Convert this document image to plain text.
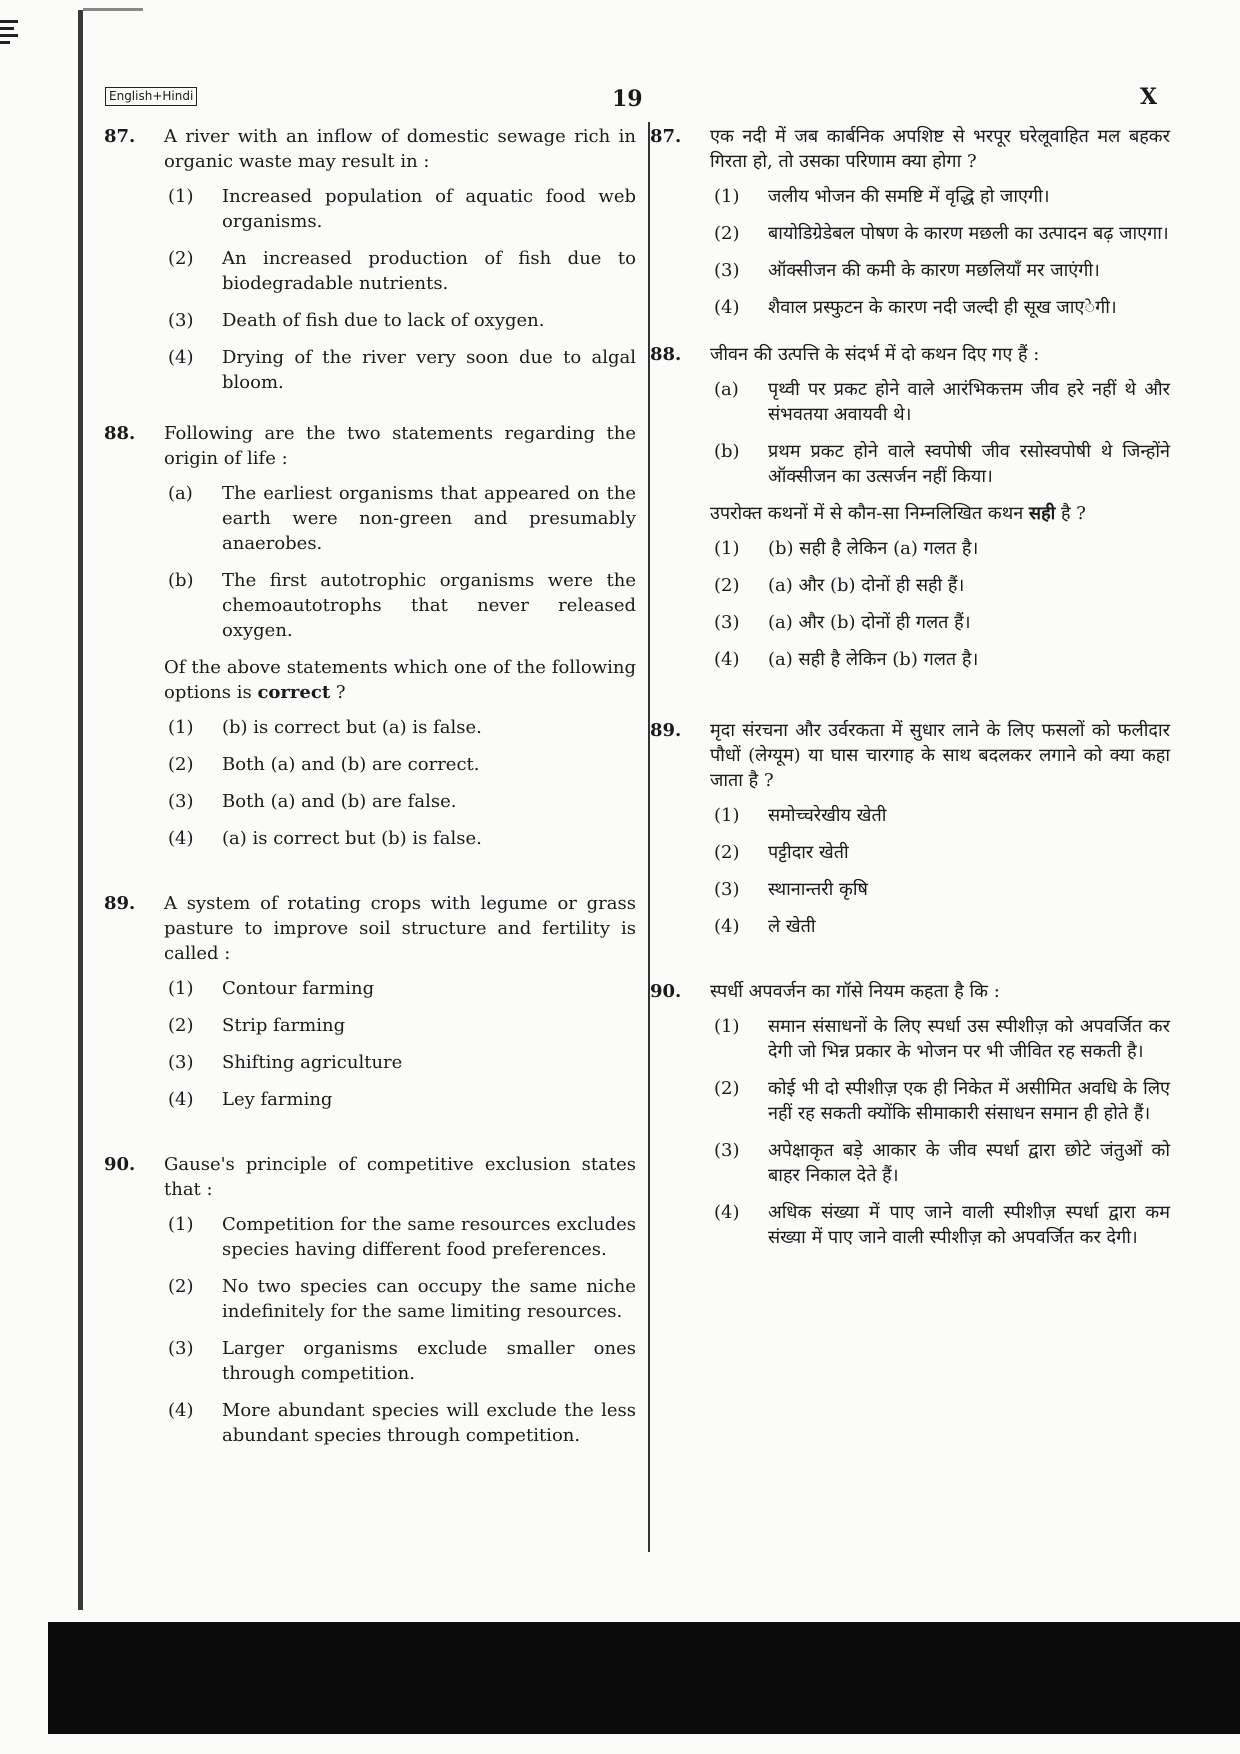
English+Hindi	19	X
87. A river with an inflow of domestic sewage rich in organic waste may result in :
(1) Increased population of aquatic food web organisms.
(2) An increased production of fish due to biodegradable nutrients.
(3) Death of fish due to lack of oxygen.
(4) Drying of the river very soon due to algal bloom.
88. Following are the two statements regarding the origin of life :
(a) The earliest organisms that appeared on the earth were non-green and presumably anaerobes.
(b) The first autotrophic organisms were the chemoautotrophs that never released oxygen.
Of the above statements which one of the following options is correct ?
(1) (b) is correct but (a) is false.
(2) Both (a) and (b) are correct.
(3) Both (a) and (b) are false.
(4) (a) is correct but (b) is false.
89. A system of rotating crops with legume or grass pasture to improve soil structure and fertility is called :
(1) Contour farming
(2) Strip farming
(3) Shifting agriculture
(4) Ley farming
90. Gause's principle of competitive exclusion states that :
(1) Competition for the same resources excludes species having different food preferences.
(2) No two species can occupy the same niche indefinitely for the same limiting resources.
(3) Larger organisms exclude smaller ones through competition.
(4) More abundant species will exclude the less abundant species through competition.
87. एक नदी में जब कार्बनिक अपशिष्ट से भरपूर घरेलूवाहित मल बहकर गिरता हो, तो उसका परिणाम क्या होगा ?
(1) जलीय भोजन की समष्टि में वृद्धि हो जाएगी।
(2) बायोडिग्रेडेबल पोषण के कारण मछली का उत्पादन बढ़ जाएगा।
(3) ऑक्सीजन की कमी के कारण मछलियाँ मर जाएंगी।
(4) शैवाल प्रस्फुटन के कारण नदी जल्दी ही सूख जाएेगी।
88. जीवन की उत्पत्ति के संदर्भ में दो कथन दिए गए हैं :
(a) पृथ्वी पर प्रकट होने वाले आरंभिकत्तम जीव हरे नहीं थे और संभवतया अवायवी थे।
(b) प्रथम प्रकट होने वाले स्वपोषी जीव रसोस्वपोषी थे जिन्होंने ऑक्सीजन का उत्सर्जन नहीं किया।
उपरोक्त कथनों में से कौन-सा निम्नलिखित कथन सही है ?
(1) (b) सही है लेकिन (a) गलत है।
(2) (a) और (b) दोनों ही सही हैं।
(3) (a) और (b) दोनों ही गलत हैं।
(4) (a) सही है लेकिन (b) गलत है।
89. मृदा संरचना और उर्वरकता में सुधार लाने के लिए फसलों को फलीदार पौधों (लेग्यूम) या घास चारगाह के साथ बदलकर लगाने को क्या कहा जाता है ?
(1) समोच्चरेखीय खेती
(2) पट्टीदार खेती
(3) स्थानान्तरी कृषि
(4) ले खेती
90. स्पर्धी अपवर्जन का गॉसे नियम कहता है कि :
(1) समान संसाधनों के लिए स्पर्धा उस स्पीशीज़ को अपवर्जित कर देगी जो भिन्न प्रकार के भोजन पर भी जीवित रह सकती है।
(2) कोई भी दो स्पीशीज़ एक ही निकेत में असीमित अवधि के लिए नहीं रह सकती क्योंकि सीमाकारी संसाधन समान ही होते हैं।
(3) अपेक्षाकृत बड़े आकार के जीव स्पर्धा द्वारा छोटे जंतुओं को बाहर निकाल देते हैं।
(4) अधिक संख्या में पाए जाने वाली स्पीशीज़ स्पर्धा द्वारा कम संख्या में पाए जाने वाली स्पीशीज़ को अपवर्जित कर देगी।
